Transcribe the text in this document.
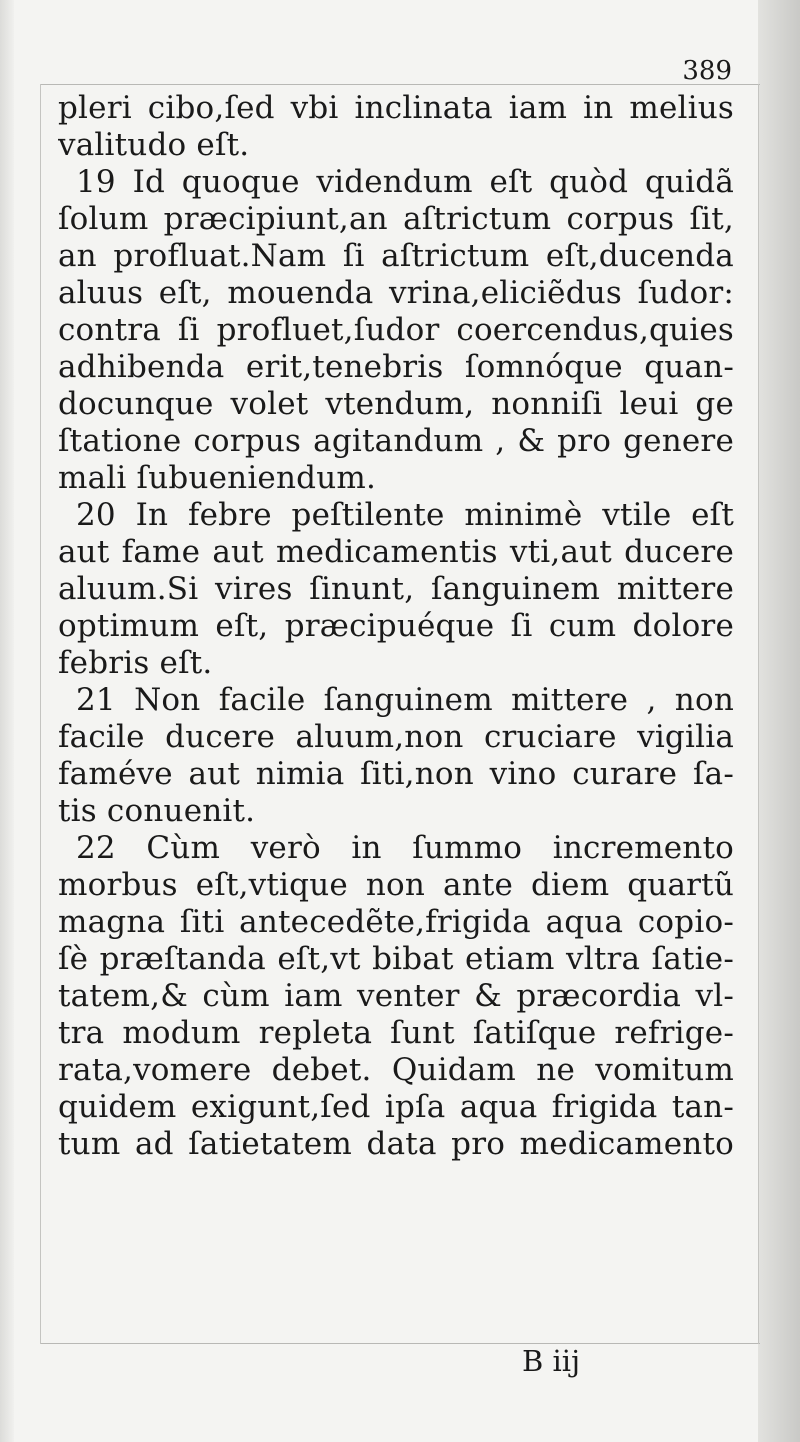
389
pleri cibo,ſed vbi inclinata iam in melius
valitudo eſt.
19 Id quoque videndum eſt quòd quidã
ſolum præcipiunt,an aſtrictum corpus ſit,
an profluat.Nam ſi aſtrictum eſt,ducenda
aluus eſt, mouenda vrina,eliciẽdus ſudor:
contra ſi profluet,ſudor coercendus,quies
adhibenda erit,tenebris ſomnóque quan-
docunque volet vtendum, nonniſi leui ge
ſtatione corpus agitandum , & pro genere
mali ſubueniendum.
20 In febre peſtilente minimè vtile eſt
aut fame aut medicamentis vti,aut ducere
aluum.Si vires ſinunt, ſanguinem mittere
optimum eſt, præcipuéque ſi cum dolore
febris eſt.
21 Non facile ſanguinem mittere , non
facile ducere aluum,non cruciare vigilia
faméve aut nimia ſiti,non vino curare ſa-
tis conuenit.
22 Cùm verò in ſummo incremento
morbus eſt,vtique non ante diem quartũ
magna ſiti antecedẽte,frigida aqua copio-
ſè præſtanda eſt,vt bibat etiam vltra ſatie-
tatem,& cùm iam venter & præcordia vl-
tra modum repleta ſunt ſatiſque refrige-
rata,vomere debet. Quidam ne vomitum
quidem exigunt,ſed ipſa aqua frigida tan-
tum ad ſatietatem data pro medicamento
B iij
